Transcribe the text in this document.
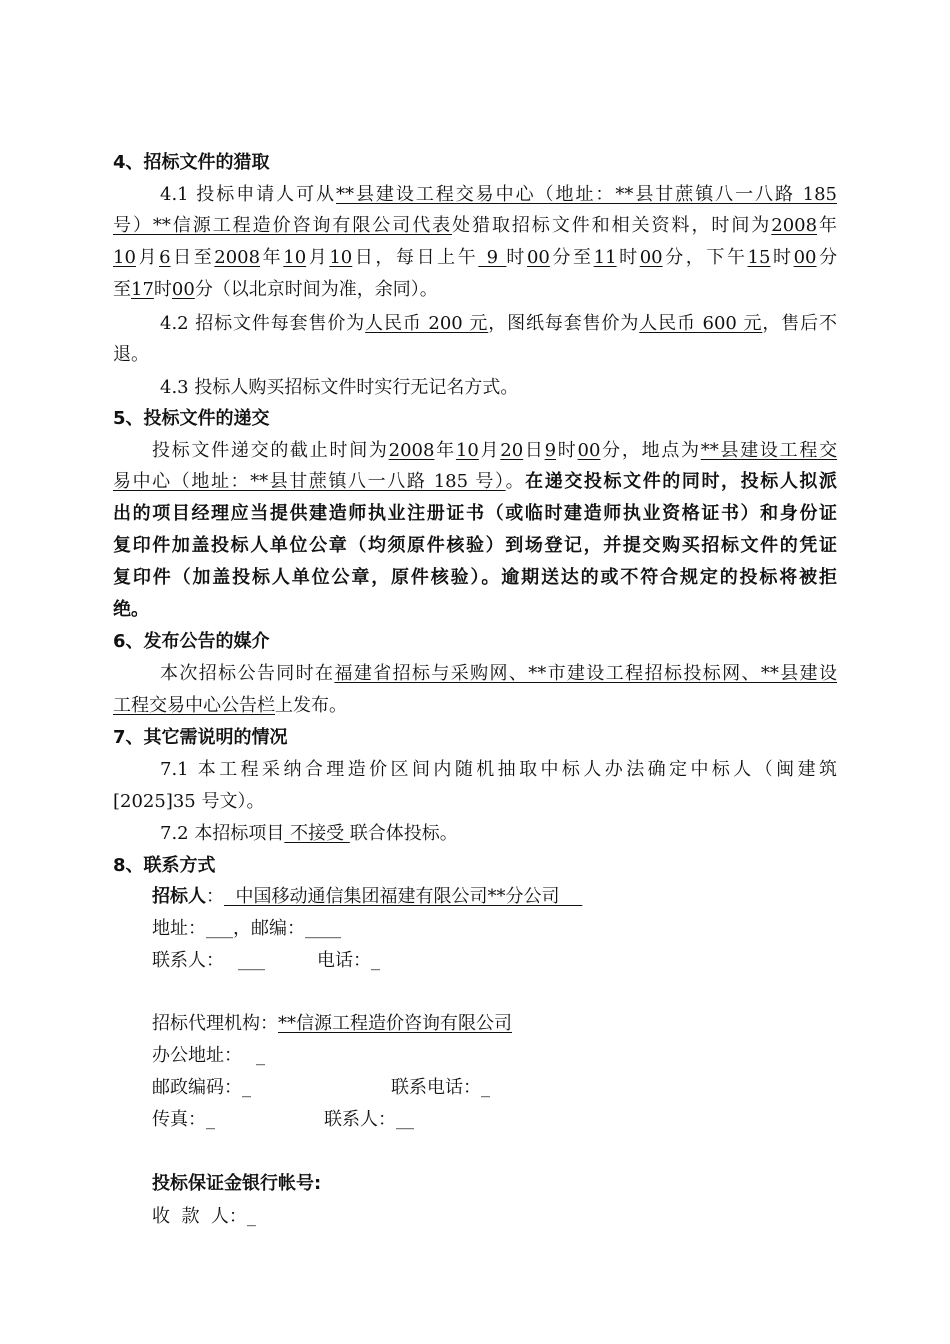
4、招标文件的猎取
4.1 投标申请人可从**县建设工程交易中心（地址：**县甘蔗镇八一八路 185
号）**信源工程造价咨询有限公司代表处猎取招标文件和相关资料，时间为2008年
10月6日至2008年10月10日，每日上午 9 时00分至11时00分，下午15时00分
至17时00分（以北京时间为准，余同）。
4.2 招标文件每套售价为人民币 200 元，图纸每套售价为人民币 600 元，售后不
退。
4.3 投标人购买招标文件时实行无记名方式。
5、投标文件的递交
投标文件递交的截止时间为2008年10月20日9时00分，地点为**县建设工程交
易中心（地址：**县甘蔗镇八一八路 185 号）。在递交投标文件的同时，投标人拟派
出的项目经理应当提供建造师执业注册证书（或临时建造师执业资格证书）和身份证
复印件加盖投标人单位公章（均须原件核验）到场登记，并提交购买招标文件的凭证
复印件（加盖投标人单位公章，原件核验）。逾期送达的或不符合规定的投标将被拒
绝。
6、发布公告的媒介
本次招标公告同时在福建省招标与采购网、**市建设工程招标投标网、**县建设
工程交易中心公告栏上发布。
7、其它需说明的情况
7.1 本工程采纳合理造价区间内随机抽取中标人办法确定中标人（闽建筑
[2025]35 号文）。
7.2 本招标项目 不接受 联合体投标。
8、联系方式
招标人：  中国移动通信集团福建有限公司**分公司
地址：___，邮编：____
联系人： ___	电话：_
招标代理机构：**信源工程造价咨询有限公司
办公地址： _
邮政编码：_	联系电话：_
传真：_	联系人：__
投标保证金银行帐号:
收  款  人：_
